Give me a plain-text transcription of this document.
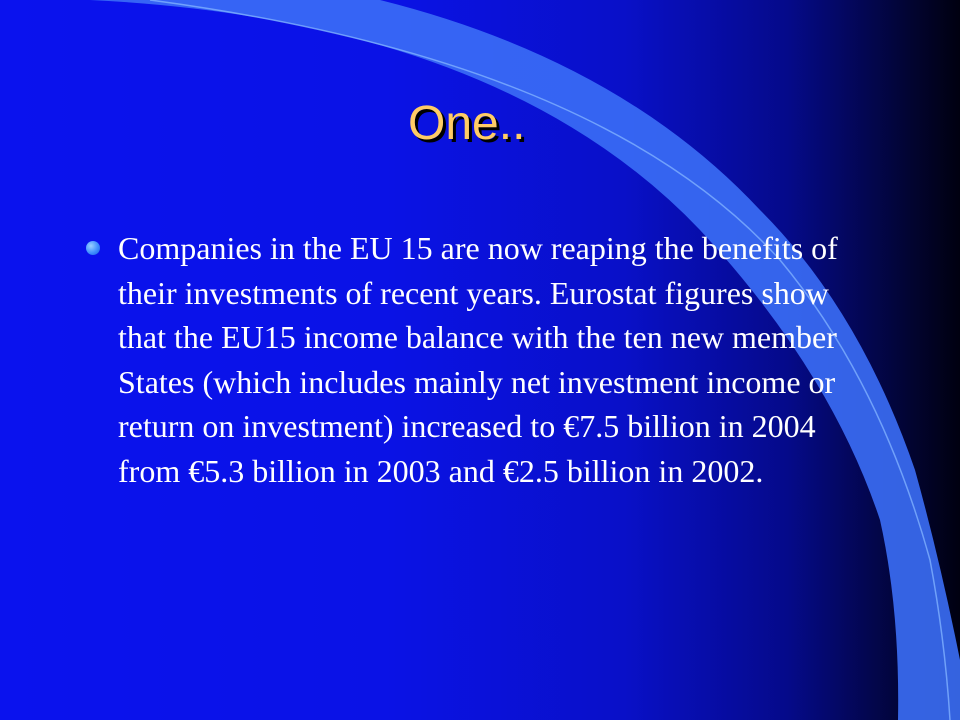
One..
Companies in the EU 15 are now reaping the benefits of their investments of recent years. Eurostat figures show that the EU15 income balance with the ten new member States (which includes mainly net investment income or return on investment) increased to €7.5 billion in 2004 from €5.3 billion in 2003 and €2.5 billion in 2002.
